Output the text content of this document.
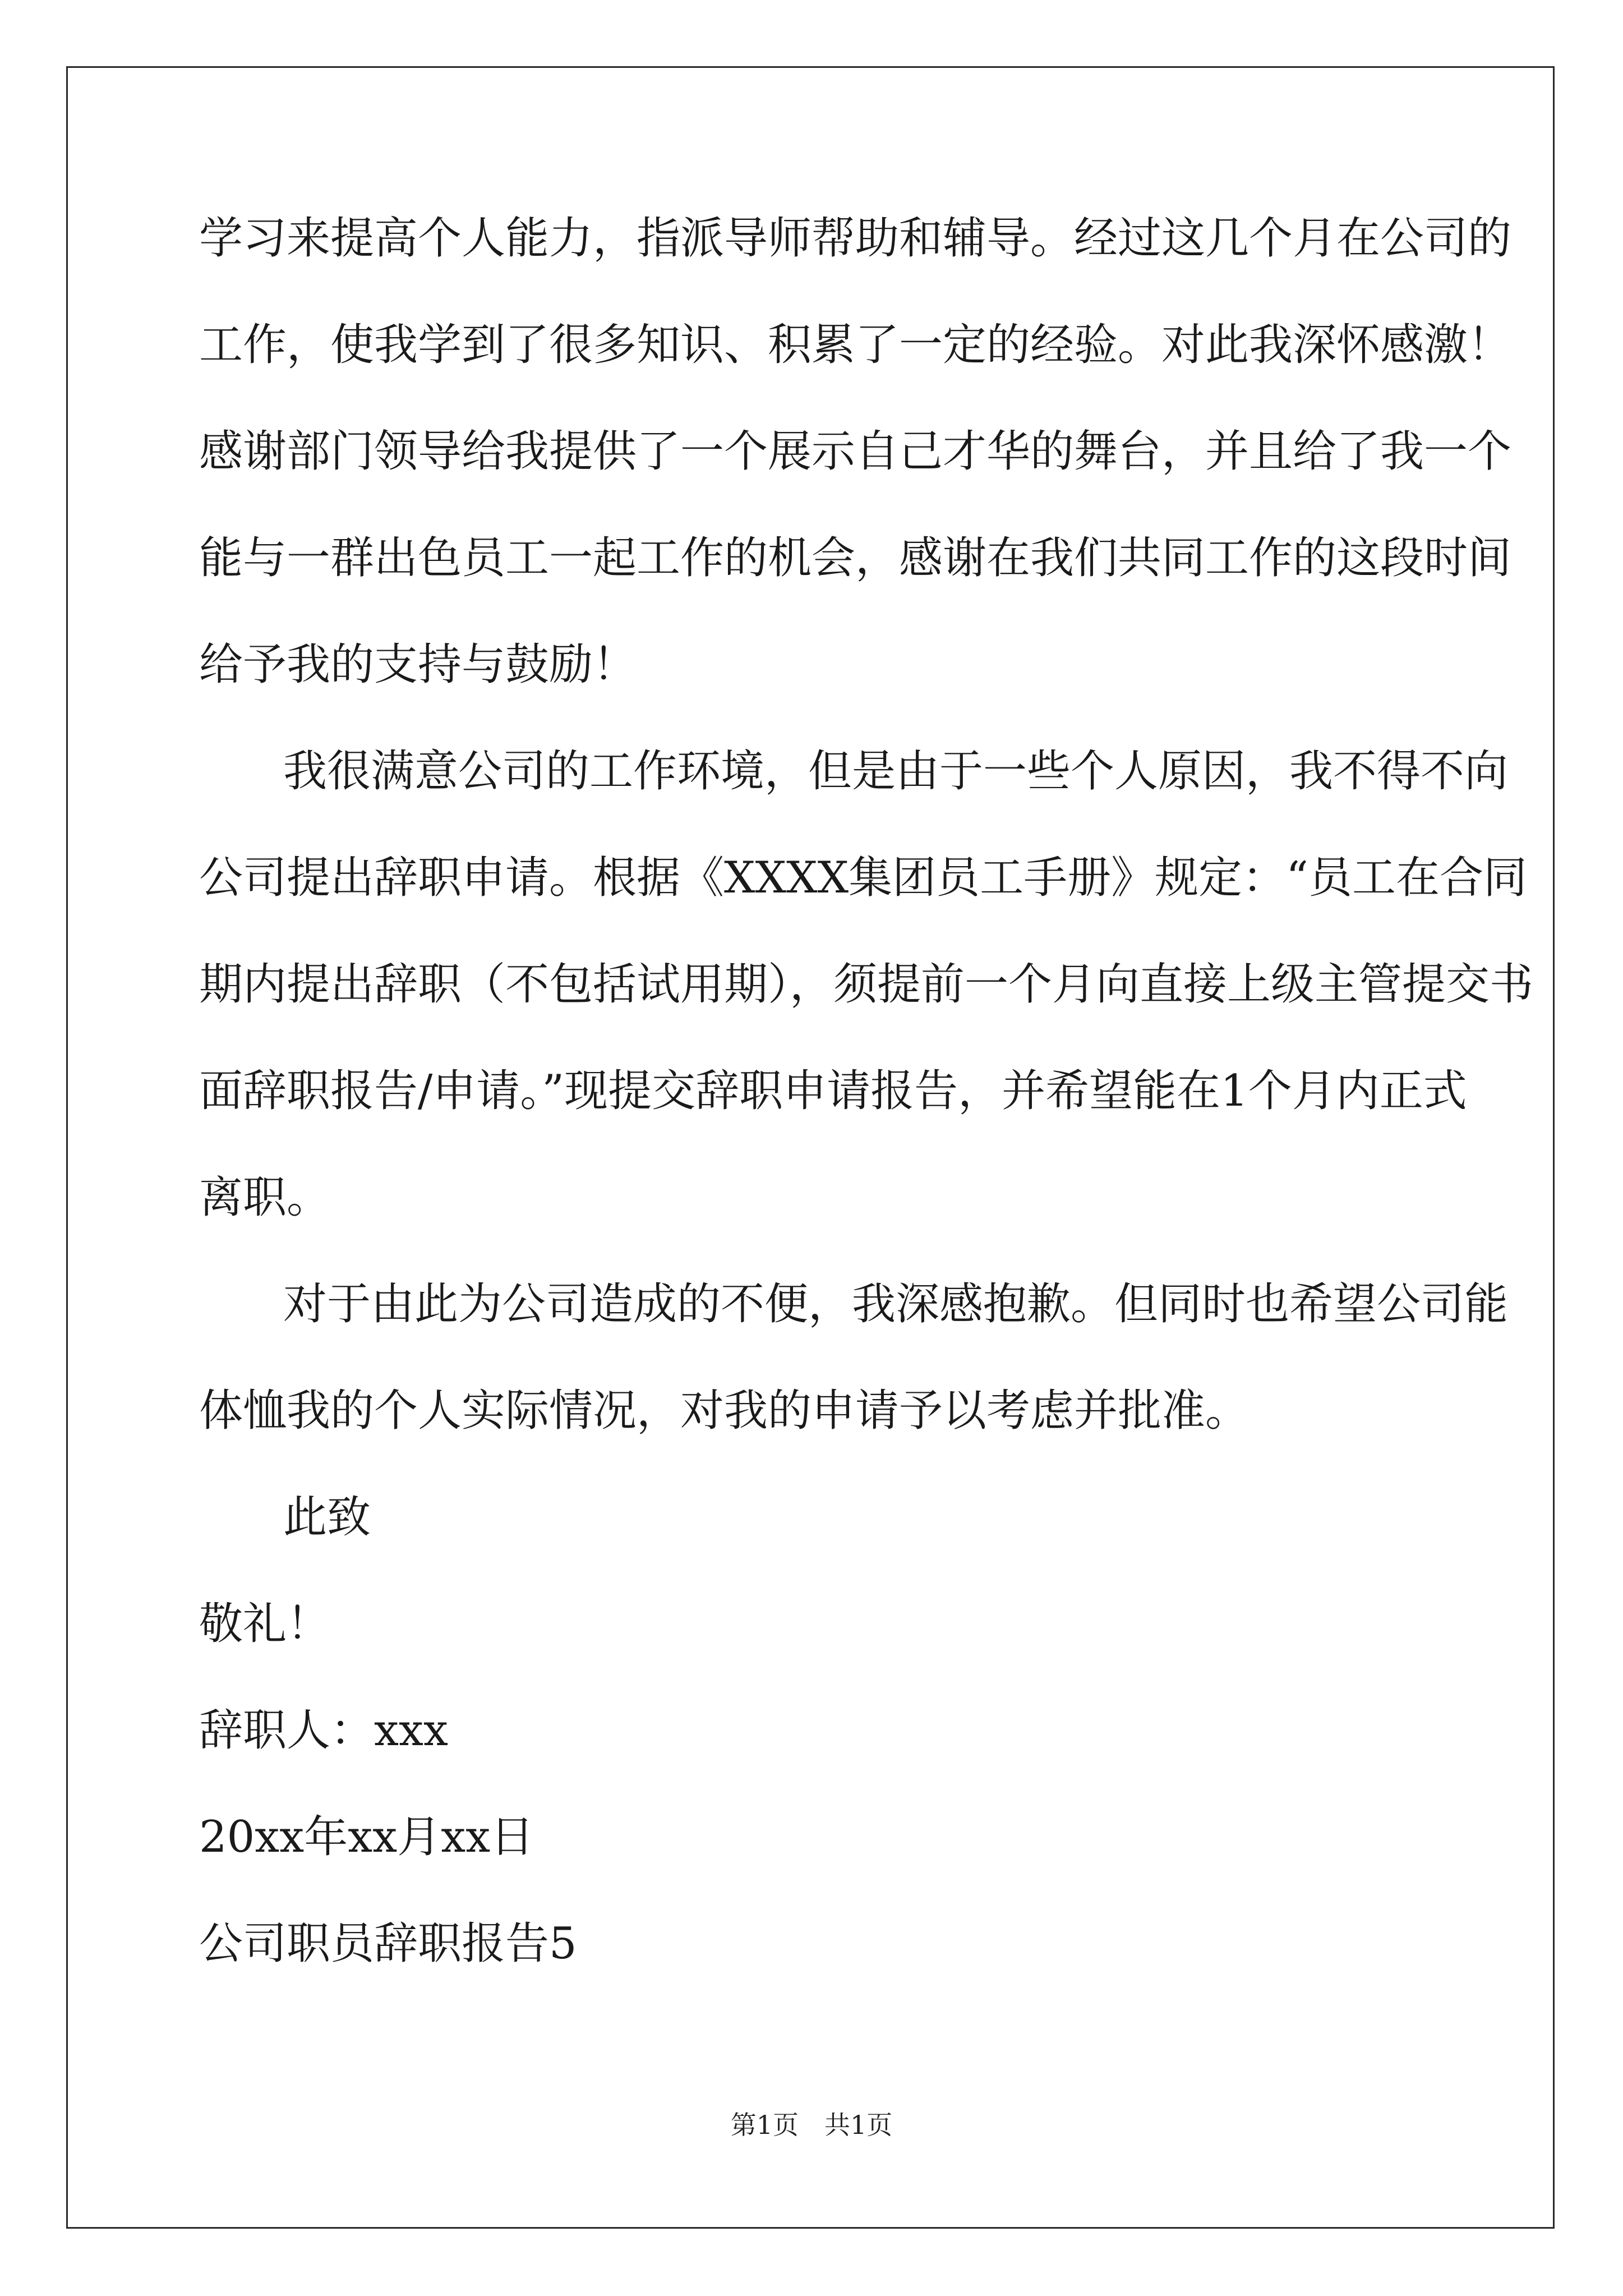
学习来提高个人能力，指派导师帮助和辅导。经过这几个月在公司的
工作，使我学到了很多知识、积累了一定的经验。对此我深怀感激！
感谢部门领导给我提供了一个展示自己才华的舞台，并且给了我一个
能与一群出色员工一起工作的机会，感谢在我们共同工作的这段时间
给予我的支持与鼓励！
我很满意公司的工作环境，但是由于一些个人原因，我不得不向
公司提出辞职申请。根据《XXXX集团员工手册》规定：“员工在合同
期内提出辞职（不包括试用期），须提前一个月向直接上级主管提交书
面辞职报告/申请。”现提交辞职申请报告，并希望能在1个月内正式
离职。
对于由此为公司造成的不便，我深感抱歉。但同时也希望公司能
体恤我的个人实际情况，对我的申请予以考虑并批准。
此致
敬礼！
辞职人：xxx
20xx年xx月xx日
公司职员辞职报告5
第1页　共1页
